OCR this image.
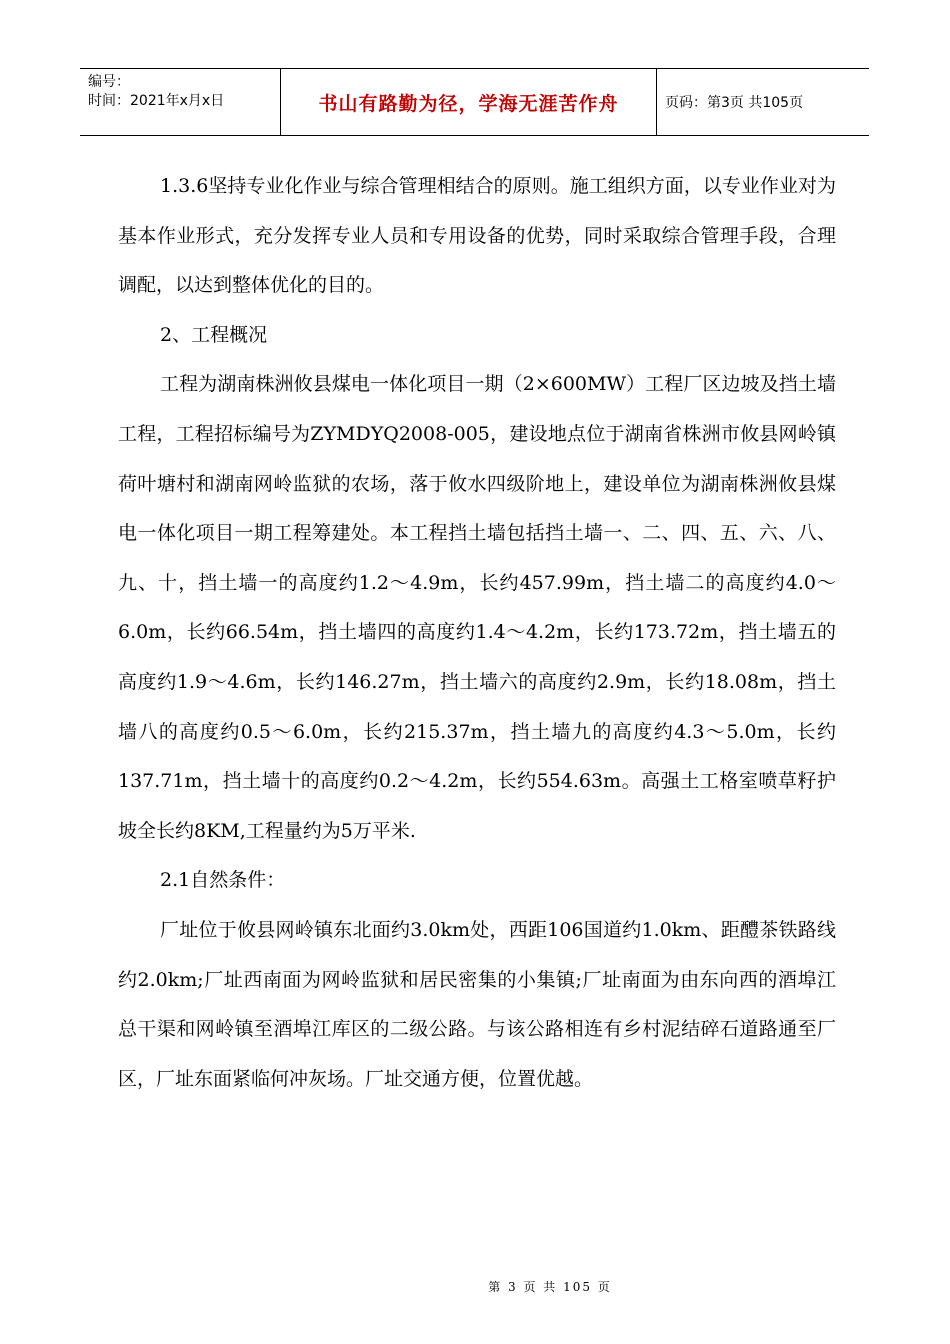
编号：
时间：2021年x月x日	书山有路勤为径，学海无涯苦作舟	页码：第3页 共105页

1.3.6坚持专业化作业与综合管理相结合的原则。施工组织方面，以专业作业对为基本作业形式，充分发挥专业人员和专用设备的优势，同时采取综合管理手段，合理调配，以达到整体优化的目的。

2、工程概况

工程为湖南株洲攸县煤电一体化项目一期（2×600MW）工程厂区边坡及挡土墙工程，工程招标编号为ZYMDYQ2008-005，建设地点位于湖南省株洲市攸县网岭镇荷叶塘村和湖南网岭监狱的农场，落于攸水四级阶地上，建设单位为湖南株洲攸县煤电一体化项目一期工程筹建处。本工程挡土墙包括挡土墙一、二、四、五、六、八、九、十，挡土墙一的高度约1.2～4.9m，长约457.99m，挡土墙二的高度约4.0～6.0m，长约66.54m，挡土墙四的高度约1.4～4.2m，长约173.72m，挡土墙五的高度约1.9～4.6m，长约146.27m，挡土墙六的高度约2.9m，长约18.08m，挡土墙八的高度约0.5～6.0m，长约215.37m，挡土墙九的高度约4.3～5.0m，长约137.71m，挡土墙十的高度约0.2～4.2m，长约554.63m。高强土工格室喷草籽护坡全长约8KM,工程量约为5万平米.

2.1自然条件：

厂址位于攸县网岭镇东北面约3.0km处，西距106国道约1.0km、距醴茶铁路线约2.0km;厂址西南面为网岭监狱和居民密集的小集镇;厂址南面为由东向西的酒埠江总干渠和网岭镇至酒埠江库区的二级公路。与该公路相连有乡村泥结碎石道路通至厂区，厂址东面紧临何冲灰场。厂址交通方便，位置优越。

第 3 页 共 105 页
